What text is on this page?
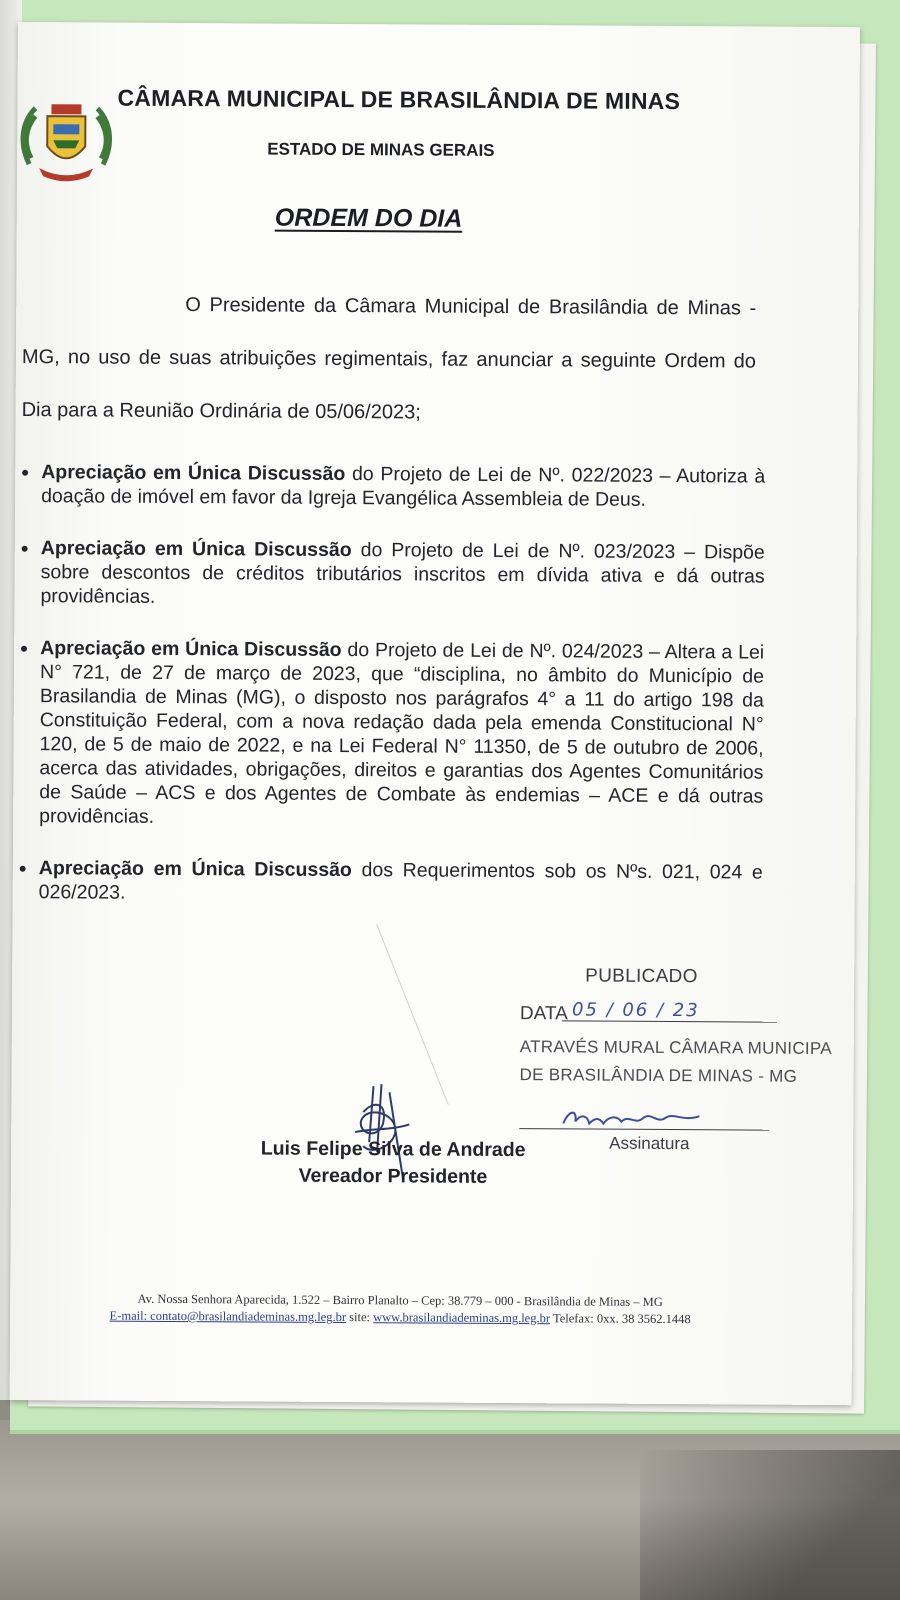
CÂMARA MUNICIPAL DE BRASILÂNDIA DE MINAS
ESTADO DE MINAS GERAIS
ORDEM DO DIA
O Presidente da Câmara Municipal de Brasilândia de Minas - MG, no uso de suas atribuições regimentais, faz anunciar a seguinte Ordem do Dia para a Reunião Ordinária de 05/06/2023;
• Apreciação em Única Discussão do Projeto de Lei de Nº. 022/2023 – Autoriza à doação de imóvel em favor da Igreja Evangélica Assembleia de Deus.
• Apreciação em Única Discussão do Projeto de Lei de Nº. 023/2023 – Dispõe sobre descontos de créditos tributários inscritos em dívida ativa e dá outras providências.
• Apreciação em Única Discussão do Projeto de Lei de Nº. 024/2023 – Altera a Lei N° 721, de 27 de março de 2023, que “disciplina, no âmbito do Município de Brasilandia de Minas (MG), o disposto nos parágrafos 4° a 11 do artigo 198 da Constituição Federal, com a nova redação dada pela emenda Constitucional N° 120, de 5 de maio de 2022, e na Lei Federal N° 11350, de 5 de outubro de 2006, acerca das atividades, obrigações, direitos e garantias dos Agentes Comunitários de Saúde – ACS e dos Agentes de Combate às endemias – ACE e dá outras providências.
• Apreciação em Única Discussão dos Requerimentos sob os Nºs. 021, 024 e 026/2023.
PUBLICADO
DATA 05 / 06 / 23
ATRAVÉS MURAL CÂMARA MUNICIPA
DE BRASILÂNDIA DE MINAS - MG
Assinatura
Luis Felipe Silva de Andrade
Vereador Presidente
Av. Nossa Senhora Aparecida, 1.522 – Bairro Planalto – Cep: 38.779 – 000 - Brasilândia de Minas – MG
E-mail: contato@brasilandiademinas.mg.leg.br site: www.brasilandiademinas.mg.leg.br Telefax: 0xx. 38 3562.1448
